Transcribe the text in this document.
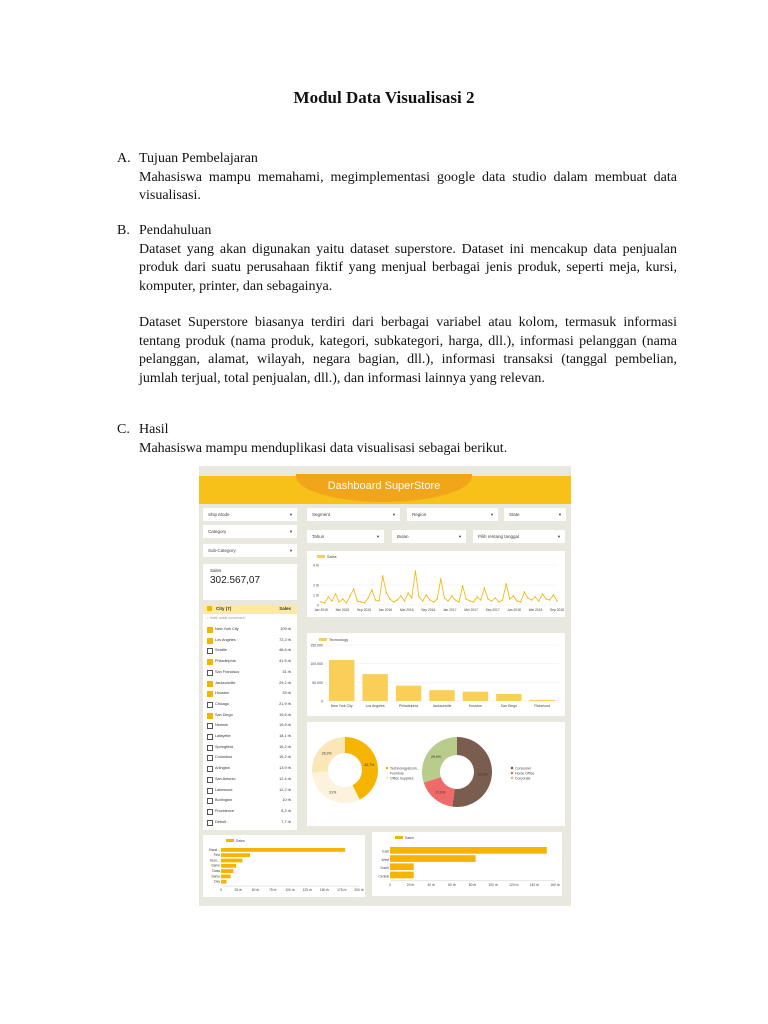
Modul Data Visualisasi 2
A. Tujuan Pembelajaran

Mahasiswa mampu memahami, megimplementasi google data studio dalam membuat data visualisasi.

B. Pendahuluan

Dataset yang akan digunakan yaitu dataset superstore. Dataset ini mencakup data penjualan produk dari suatu perusahaan fiktif yang menjual berbagai jenis produk, seperti meja, kursi, komputer, printer, dan sebagainya.

Dataset Superstore biasanya terdiri dari berbagai variabel atau kolom, termasuk informasi tentang produk (nama produk, kategori, subkategori, harga, dll.), informasi pelanggan (nama pelanggan, alamat, wilayah, negara bagian, dll.), informasi transaksi (tanggal pembelian, jumlah terjual, total penjualan, dll.), dan informasi lainnya yang relevan.

C. Hasil

Mahasiswa mampu menduplikasi data visualisasi sebagai berikut.

Dashboard SuperStore
Ship Mode	▼
Category	▼
Sub-Category	▼
Segment	▼	Region	▼	State	▼
Tahun	▼	Bulan	▼	Pilih rentang tanggal	▼
Sales
302.567,07
City (7)	Sales
⌕ Ketik untuk menelusuri
New York City	109 rb
Los Angeles	72,2 rb
Seattle	46,6 rb
Philadelphia	41,5 rb
San Francisco	31 rb
Jacksonville	29,2 rb
Houston	25 rb
Chicago	21,9 rb
San Diego	19,6 rb
Newark	19,5 rb
Lafayette	18,1 rb
Springfield	16,2 rb
Columbus	15,2 rb
Arlington	13,9 rb
San Antonio	12,4 rb
Lakewood	12,2 rb
Burlington	10 rb
Providence	8,2 rb
Detroit	7,7 rb
Sales
4 rb
2 rb
1 rb
0
Jan 2015 Mei 2015 Sep 2015 Jan 2016 Mei 2016 Sep 2016 Jan 2017 Mei 2017 Sep 2017 Jan 2018 Mei 2018 Sep 2018
Technology
150.000
100.000
50.000
0
New York City	Los Angeles	Philadelphia	Jacksonville	Houston	San Diego	Richmond
42,7%
31%
26,3%
Technology&com...
Furniture
Office Supplies
52,1%
17,9%
29,9%
Consumer
Home Office
Corporate
Sales
Stand...
First
Seco...
Same
Class
Same
Day
0	25 rb	50 rb	75 rb	100 rb 125 rb 150 rb 175 rb 200 rb
Sales
East
West
South
Central
0	20 rb	40 rb	60 rb	80 rb	100 rb	120 rb	140 rb	160 rb
